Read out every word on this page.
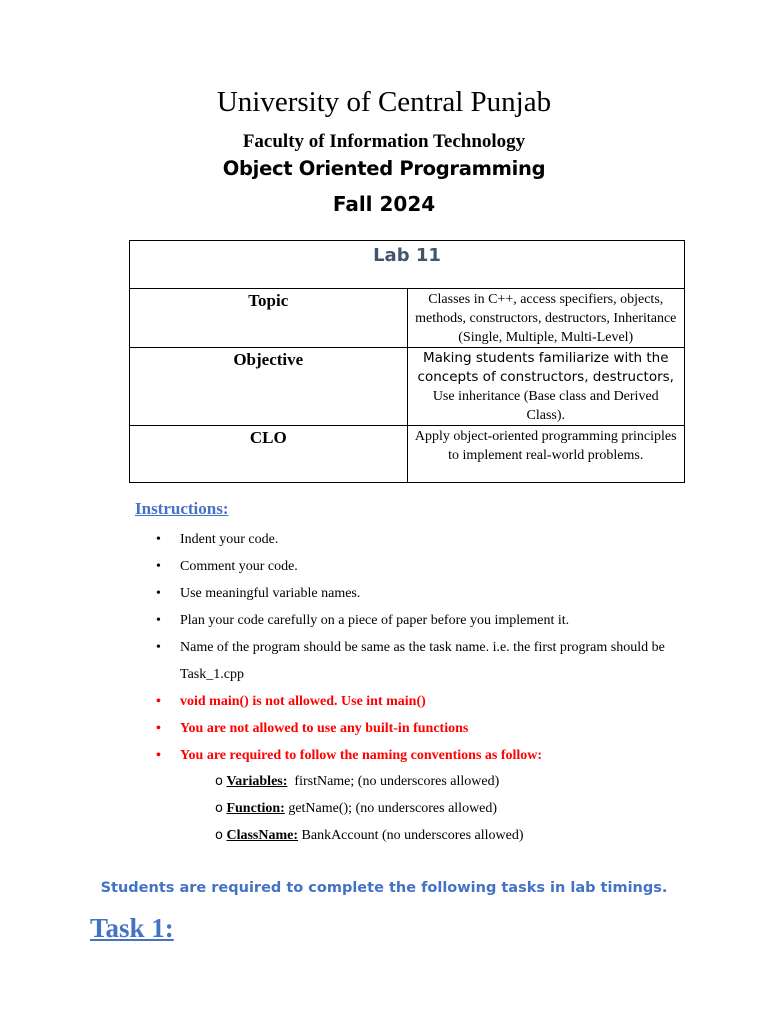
University of Central Punjab
Faculty of Information Technology
Object Oriented Programming
Fall 2024
Lab 11	

Topic	Classes in C++, access specifiers, objects, methods, constructors, destructors, Inheritance (Single, Multiple, Multi-Level)
Objective	Making students familiarize with the concepts of constructors, destructors, Use inheritance (Base class and Derived Class).
CLO	Apply object-oriented programming principles to implement real-world problems.
Instructions:
• Indent your code.
• Comment your code.
• Use meaningful variable names.
• Plan your code carefully on a piece of paper before you implement it.
• Name of the program should be same as the task name. i.e. the first program should be Task_1.cpp
• void main() is not allowed. Use int main()
• You are not allowed to use any built-in functions
• You are required to follow the naming conventions as follow:
o Variables: firstName; (no underscores allowed)
o Function: getName(); (no underscores allowed)
o ClassName: BankAccount (no underscores allowed)
Students are required to complete the following tasks in lab timings.
Task 1:
